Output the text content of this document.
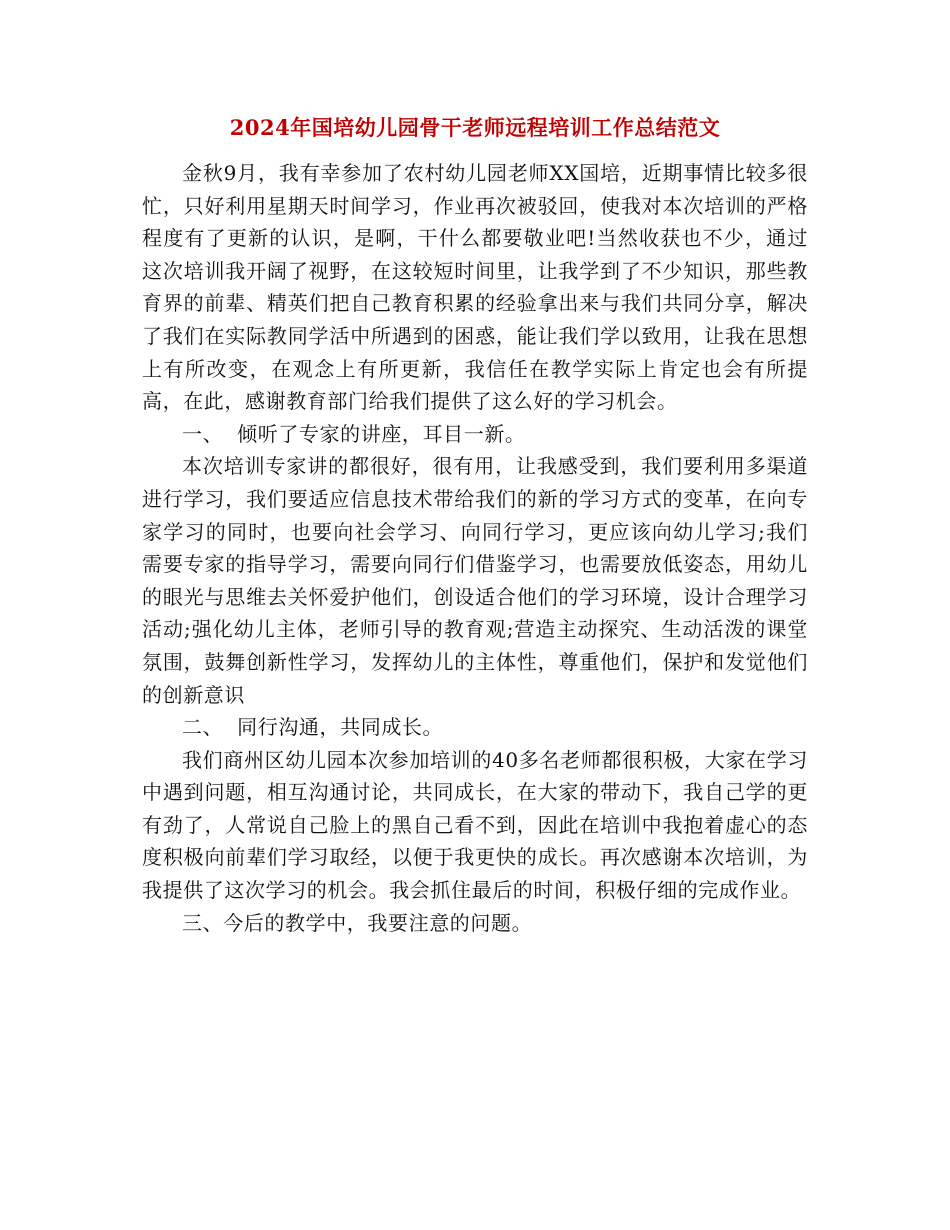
2024年国培幼儿园骨干老师远程培训工作总结范文

金秋9月，我有幸参加了农村幼儿园老师XX国培，近期事情比较多很忙，只好利用星期天时间学习，作业再次被驳回，使我对本次培训的严格程度有了更新的认识，是啊，干什么都要敬业吧!当然收获也不少，通过这次培训我开阔了视野，在这较短时间里，让我学到了不少知识，那些教育界的前辈、精英们把自己教育积累的经验拿出来与我们共同分享，解决了我们在实际教同学活中所遇到的困惑，能让我们学以致用，让我在思想上有所改变，在观念上有所更新，我信任在教学实际上肯定也会有所提高，在此，感谢教育部门给我们提供了这么好的学习机会。

一、  倾听了专家的讲座，耳目一新。

本次培训专家讲的都很好，很有用，让我感受到，我们要利用多渠道进行学习，我们要适应信息技术带给我们的新的学习方式的变革，在向专家学习的同时，也要向社会学习、向同行学习，更应该向幼儿学习;我们需要专家的指导学习，需要向同行们借鉴学习，也需要放低姿态，用幼儿的眼光与思维去关怀爱护他们，创设适合他们的学习环境，设计合理学习活动;强化幼儿主体，老师引导的教育观;营造主动探究、生动活泼的课堂氛围，鼓舞创新性学习，发挥幼儿的主体性，尊重他们，保护和发觉他们的创新意识

二、  同行沟通，共同成长。

我们商州区幼儿园本次参加培训的40多名老师都很积极，大家在学习中遇到问题，相互沟通讨论，共同成长，在大家的带动下，我自己学的更有劲了，人常说自己脸上的黑自己看不到，因此在培训中我抱着虚心的态度积极向前辈们学习取经，以便于我更快的成长。再次感谢本次培训，为我提供了这次学习的机会。我会抓住最后的时间，积极仔细的完成作业。

三、今后的教学中，我要注意的问题。
